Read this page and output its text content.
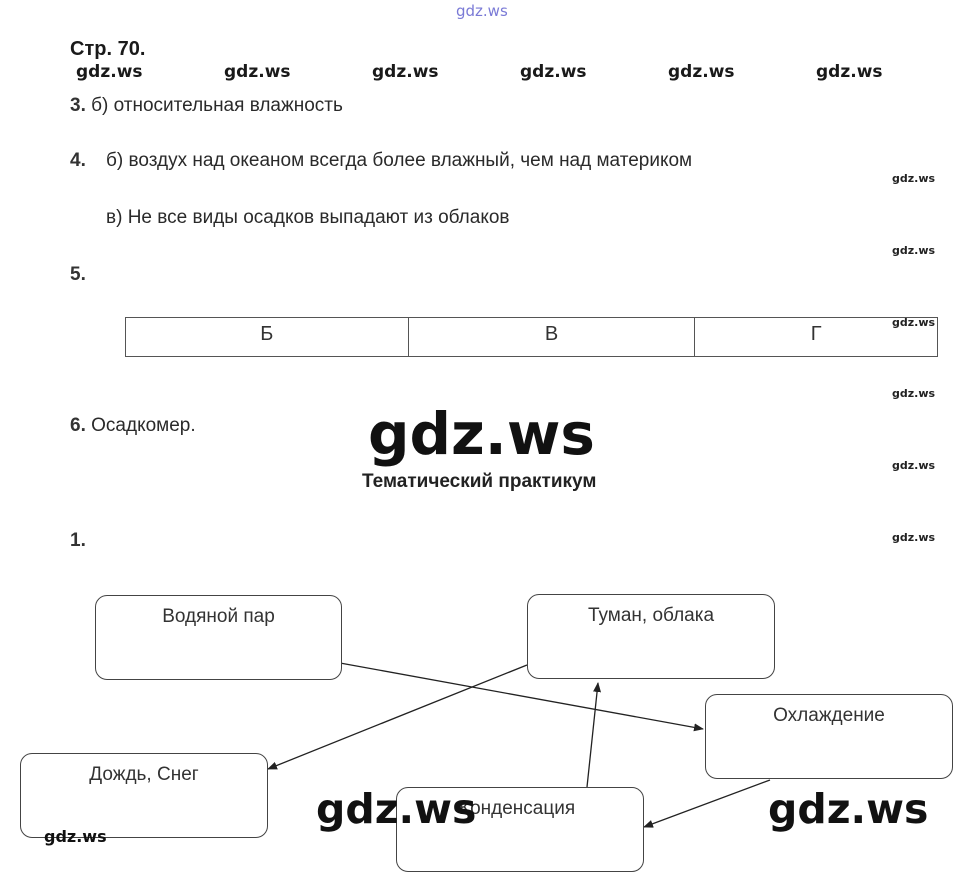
gdz.ws
Стр. 70.
gdz.ws	gdz.ws	gdz.ws	gdz.ws	gdz.ws	gdz.ws
3. б) относительная влажность
4. б) воздух над океаном всегда более влажный, чем над материком
в) Не все виды осадков выпадают из облаков
5.
Б	В	Г
6. Осадкомер.
gdz.ws
gdz.ws
gdz.ws
gdz.ws
gdz.ws
gdz.ws
gdz.ws
Тематический практикум
1.
Водяной пар	Туман, облака
Охлаждение
Дождь, Снег
Конденсация
gdz.ws
gdz.ws	gdz.ws
